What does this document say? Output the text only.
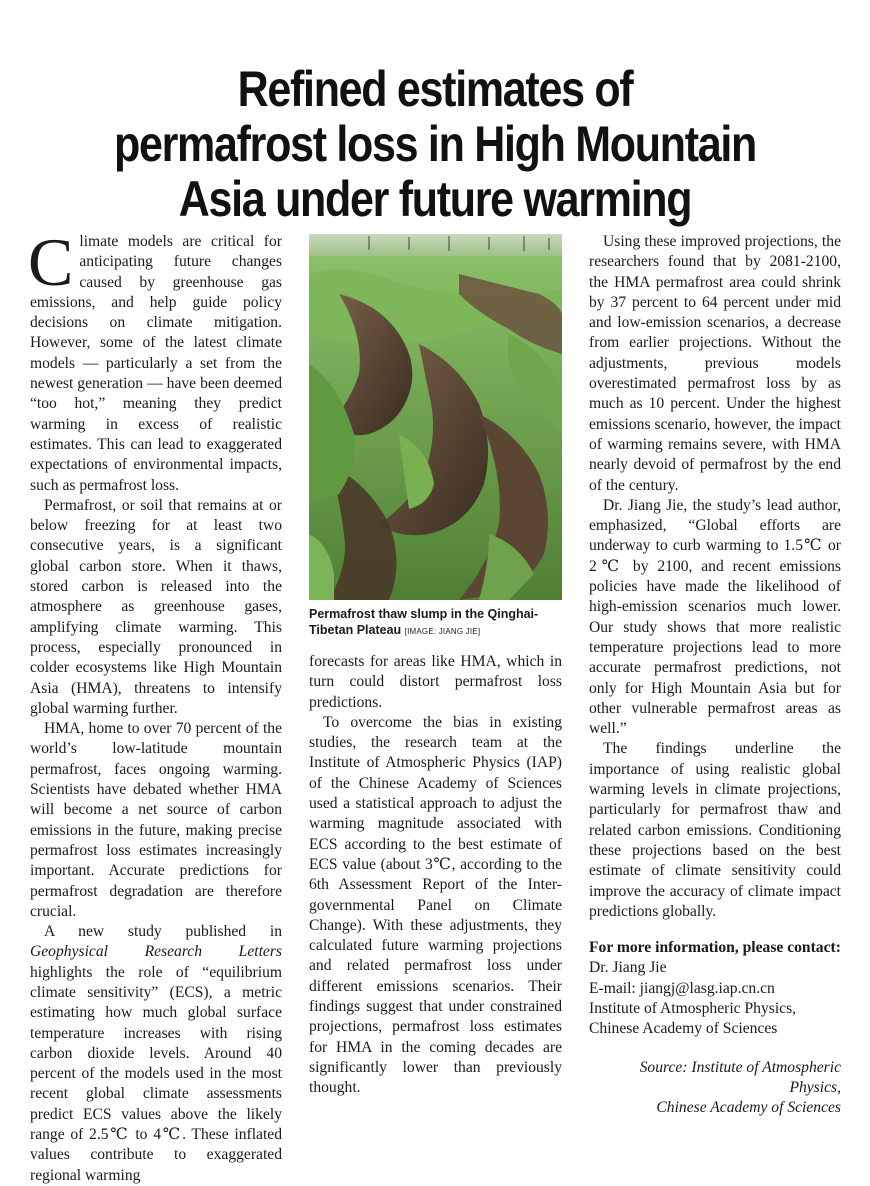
Refined estimates of
permafrost loss in High Mountain
Asia under future warming

Climate models are critical for anticipating future changes caused by greenhouse gas emissions, and help guide policy decisions on climate mitigation. However, some of the latest climate models — particularly a set from the newest generation — have been deemed “too hot,” meaning they predict warming in excess of realistic estimates. This can lead to exaggerated expectations of environmental impacts, such as permafrost loss.

Permafrost, or soil that remains at or below freezing for at least two consecutive years, is a significant global carbon store. When it thaws, stored carbon is released into the atmosphere as greenhouse gases, amplifying climate warming. This process, especially pronounced in colder ecosystems like High Mountain Asia (HMA), threatens to intensify global warming further.

HMA, home to over 70 percent of the world’s low-latitude mountain permafrost, faces ongoing warming. Scientists have debated whether HMA will become a net source of carbon emissions in the future, making precise permafrost loss estimates increasingly important. Accurate predictions for permafrost degradation are therefore crucial.

A new study published in Geophysical Research Letters highlights the role of “equilibrium climate sensitivity” (ECS), a metric estimating how much global surface temperature increases with rising carbon dioxide levels. Around 40 percent of the models used in the most recent global climate assessments predict ECS values above the likely range of 2.5℃ to 4℃. These inflated values contribute to exaggerated regional warming

Permafrost thaw slump in the Qinghai-Tibetan Plateau [IMAGE: JIANG JIE]

forecasts for areas like HMA, which in turn could distort permafrost loss predictions.

To overcome the bias in existing studies, the research team at the Institute of Atmospheric Physics (IAP) of the Chinese Academy of Sciences used a statistical approach to adjust the warming magnitude associated with ECS according to the best estimate of ECS value (about 3℃, according to the 6th Assessment Report of the Inter-governmental Panel on Climate Change). With these adjustments, they calculated future warming projections and related permafrost loss under different emissions scenarios. Their findings suggest that under constrained projections, permafrost loss estimates for HMA in the coming decades are significantly lower than previously thought.

Using these improved projections, the researchers found that by 2081-2100, the HMA permafrost area could shrink by 37 percent to 64 percent under mid and low-emission scenarios, a decrease from earlier projections. Without the adjustments, previous models overestimated permafrost loss by as much as 10 percent. Under the highest emissions scenario, however, the impact of warming remains severe, with HMA nearly devoid of permafrost by the end of the century.

Dr. Jiang Jie, the study’s lead author, emphasized, “Global efforts are underway to curb warming to 1.5℃ or 2℃ by 2100, and recent emissions policies have made the likelihood of high-emission scenarios much lower. Our study shows that more realistic temperature projections lead to more accurate permafrost predictions, not only for High Mountain Asia but for other vulnerable permafrost areas as well.”

The findings underline the importance of using realistic global warming levels in climate projections, particularly for permafrost thaw and related carbon emissions. Conditioning these projections based on the best estimate of climate sensitivity could improve the accuracy of climate impact predictions globally.

For more information, please contact:
Dr. Jiang Jie
E-mail: jiangj@lasg.iap.cn.cn
Institute of Atmospheric Physics,
Chinese Academy of Sciences
Source: Institute of Atmospheric Physics,
Chinese Academy of Sciences
